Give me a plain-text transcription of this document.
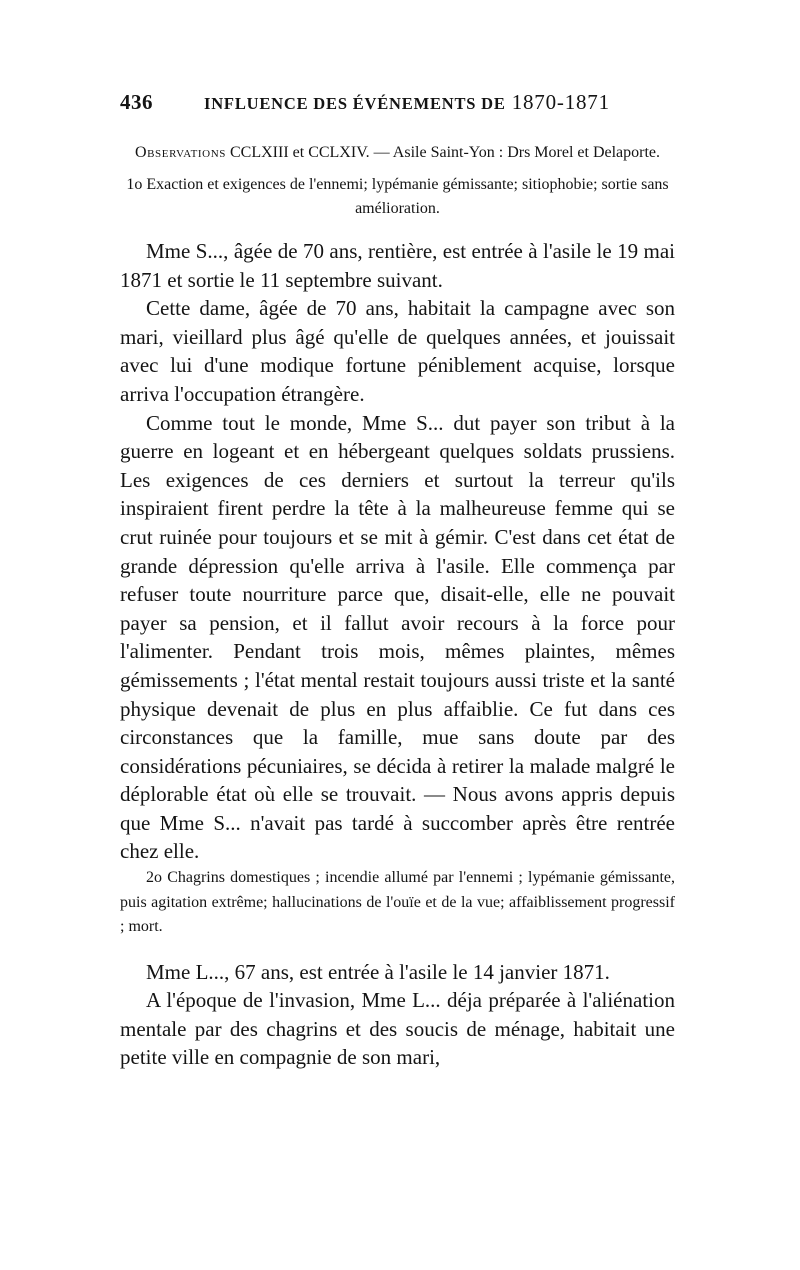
436	INFLUENCE DES ÉVÉNEMENTS DE 1870-1871
Observations CCLXIII et CCLXIV. — Asile Saint-Yon : Drs Morel et Delaporte.

1o Exaction et exigences de l'ennemi; lypémanie gémissante; sitiophobie; sortie sans amélioration.

Mme S..., âgée de 70 ans, rentière, est entrée à l'asile le 19 mai 1871 et sortie le 11 septembre suivant.

Cette dame, âgée de 70 ans, habitait la campagne avec son mari, vieillard plus âgé qu'elle de quelques années, et jouissait avec lui d'une modique fortune péniblement acquise, lorsque arriva l'occupation étrangère.

Comme tout le monde, Mme S... dut payer son tribut à la guerre en logeant et en hébergeant quelques soldats prussiens. Les exigences de ces derniers et surtout la terreur qu'ils inspiraient firent perdre la tête à la malheureuse femme qui se crut ruinée pour toujours et se mit à gémir. C'est dans cet état de grande dépression qu'elle arriva à l'asile. Elle commença par refuser toute nourriture parce que, disait-elle, elle ne pouvait payer sa pension, et il fallut avoir recours à la force pour l'alimenter. Pendant trois mois, mêmes plaintes, mêmes gémissements ; l'état mental restait toujours aussi triste et la santé physique devenait de plus en plus affaiblie. Ce fut dans ces circonstances que la famille, mue sans doute par des considérations pécuniaires, se décida à retirer la malade malgré le déplorable état où elle se trouvait. — Nous avons appris depuis que Mme S... n'avait pas tardé à succomber après être rentrée chez elle.

2o Chagrins domestiques ; incendie allumé par l'ennemi ; lypémanie gémissante, puis agitation extrême; hallucinations de l'ouïe et de la vue; affaiblissement progressif ; mort.

Mme L..., 67 ans, est entrée à l'asile le 14 janvier 1871.

A l'époque de l'invasion, Mme L... déja préparée à l'aliénation mentale par des chagrins et des soucis de ménage, habitait une petite ville en compagnie de son mari,
